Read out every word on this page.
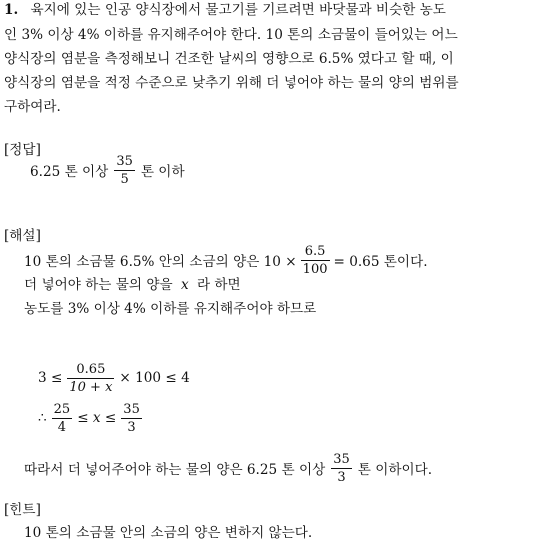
1. 육지에 있는 인공 양식장에서 물고기를 기르려면 바닷물과 비슷한 농도
인 3% 이상 4% 이하를 유지해주어야 한다. 10 톤의 소금물이 들어있는 어느
양식장의 염분을 측정해보니 건조한 날씨의 영향으로 6.5% 였다고 할 때, 이
양식장의 염분을 적정 수준으로 낮추기 위해 더 넣어야 하는 물의 양의 범위를
구하여라.
[정답]
6.25 톤 이상 $\frac{35}{5}$ 톤 이하
[해설]
10 톤의 소금물 6.5% 안의 소금의 양은 $10 \times \frac{6.5}{100} = 0.65$ 톤이다.
더 넣어야 하는 물의 양을 x 라 하면
농도를 3% 이상 4% 이하를 유지해주어야 하므로
$3 \le \frac{0.65}{10 + x} \times 100 \le 4$
∴ $\frac{25}{4} \le x \le \frac{35}{3}$
따라서 더 넣어주어야 하는 물의 양은 6.25 톤 이상 $\frac{35}{3}$ 톤 이하이다.
[힌트]
10 톤의 소금물 안의 소금의 양은 변하지 않는다.
